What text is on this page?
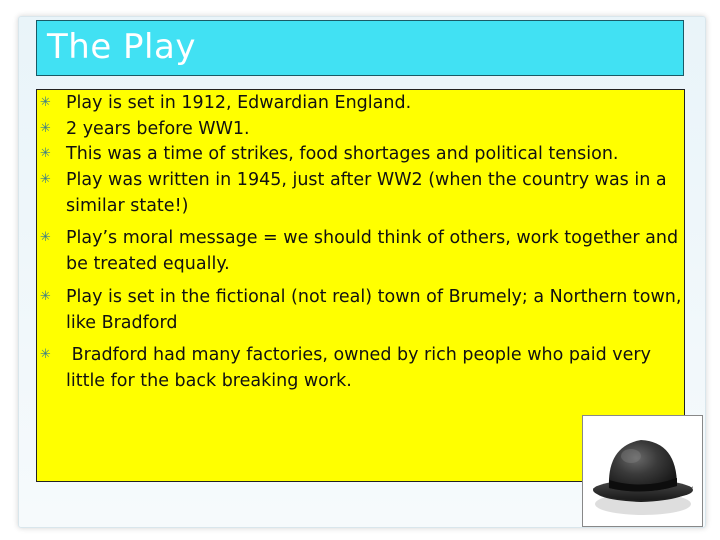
The Play
✳ Play is set in 1912, Edwardian England.
✳ 2 years before WW1.
✳ This was a time of strikes, food shortages and political tension.
✳ Play was written in 1945, just after WW2 (when the country was in a similar state!)
✳ Play’s moral message = we should think of others, work together and be treated equally.
✳ Play is set in the fictional (not real) town of Brumely; a Northern town, like Bradford
✳ Bradford had many factories, owned by rich people who paid very little for the back breaking work.
